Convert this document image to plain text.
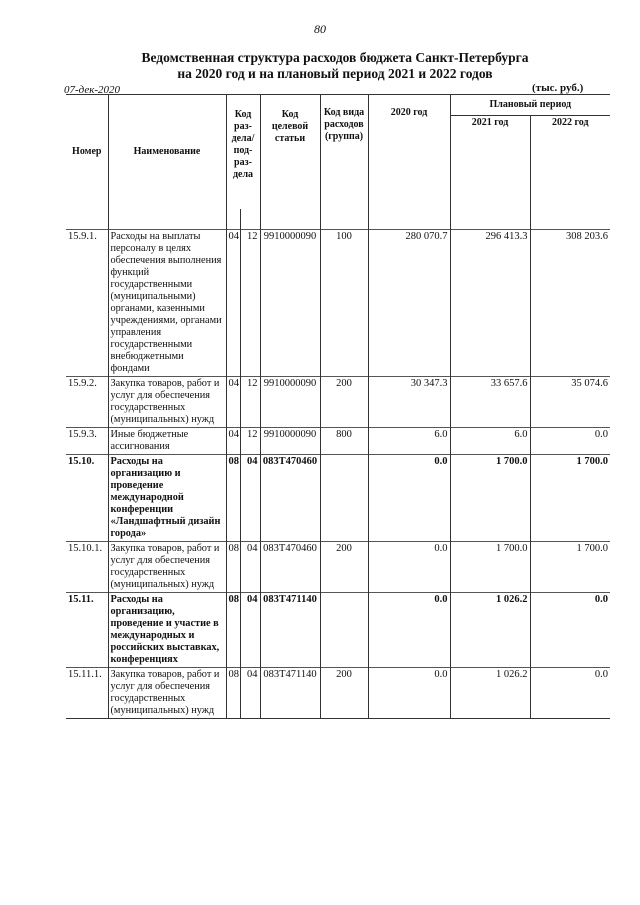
80
Ведомственная структура расходов бюджета Санкт-Петербурга
на 2020 год и на плановый период 2021 и 2022 годов
07-дек-2020	(тыс. руб.)
Номер	Наименование	Код раз-дела/ под-раз-дела		Код целевой статьи	Код вида расходов (группа)	2020 год	Плановый период	
							2021 год	2022 год

15.9.1.	Расходы на выплаты персоналу в целях обеспечения выполнения функций государственными (муниципальными) органами, казенными учреждениями, органами управления государственными внебюджетными фондами	04	12	9910000090	100	280 070.7	296 413.3	308 203.6
15.9.2.	Закупка товаров, работ и услуг для обеспечения государственных (муниципальных) нужд	04	12	9910000090	200	30 347.3	33 657.6	35 074.6
15.9.3.	Иные бюджетные ассигнования	04	12	9910000090	800	6.0	6.0	0.0
15.10.	Расходы на организацию и проведение международной конференции «Ландшафтный дизайн города»	08	04	083Т470460		0.0	1 700.0	1 700.0
15.10.1.	Закупка товаров, работ и услуг для обеспечения государственных (муниципальных) нужд	08	04	083Т470460	200	0.0	1 700.0	1 700.0
15.11.	Расходы на организацию, проведение и участие в международных и российских выставках, конференциях	08	04	083Т471140		0.0	1 026.2	0.0
15.11.1.	Закупка товаров, работ и услуг для обеспечения государственных (муниципальных) нужд	08	04	083Т471140	200	0.0	1 026.2	0.0
